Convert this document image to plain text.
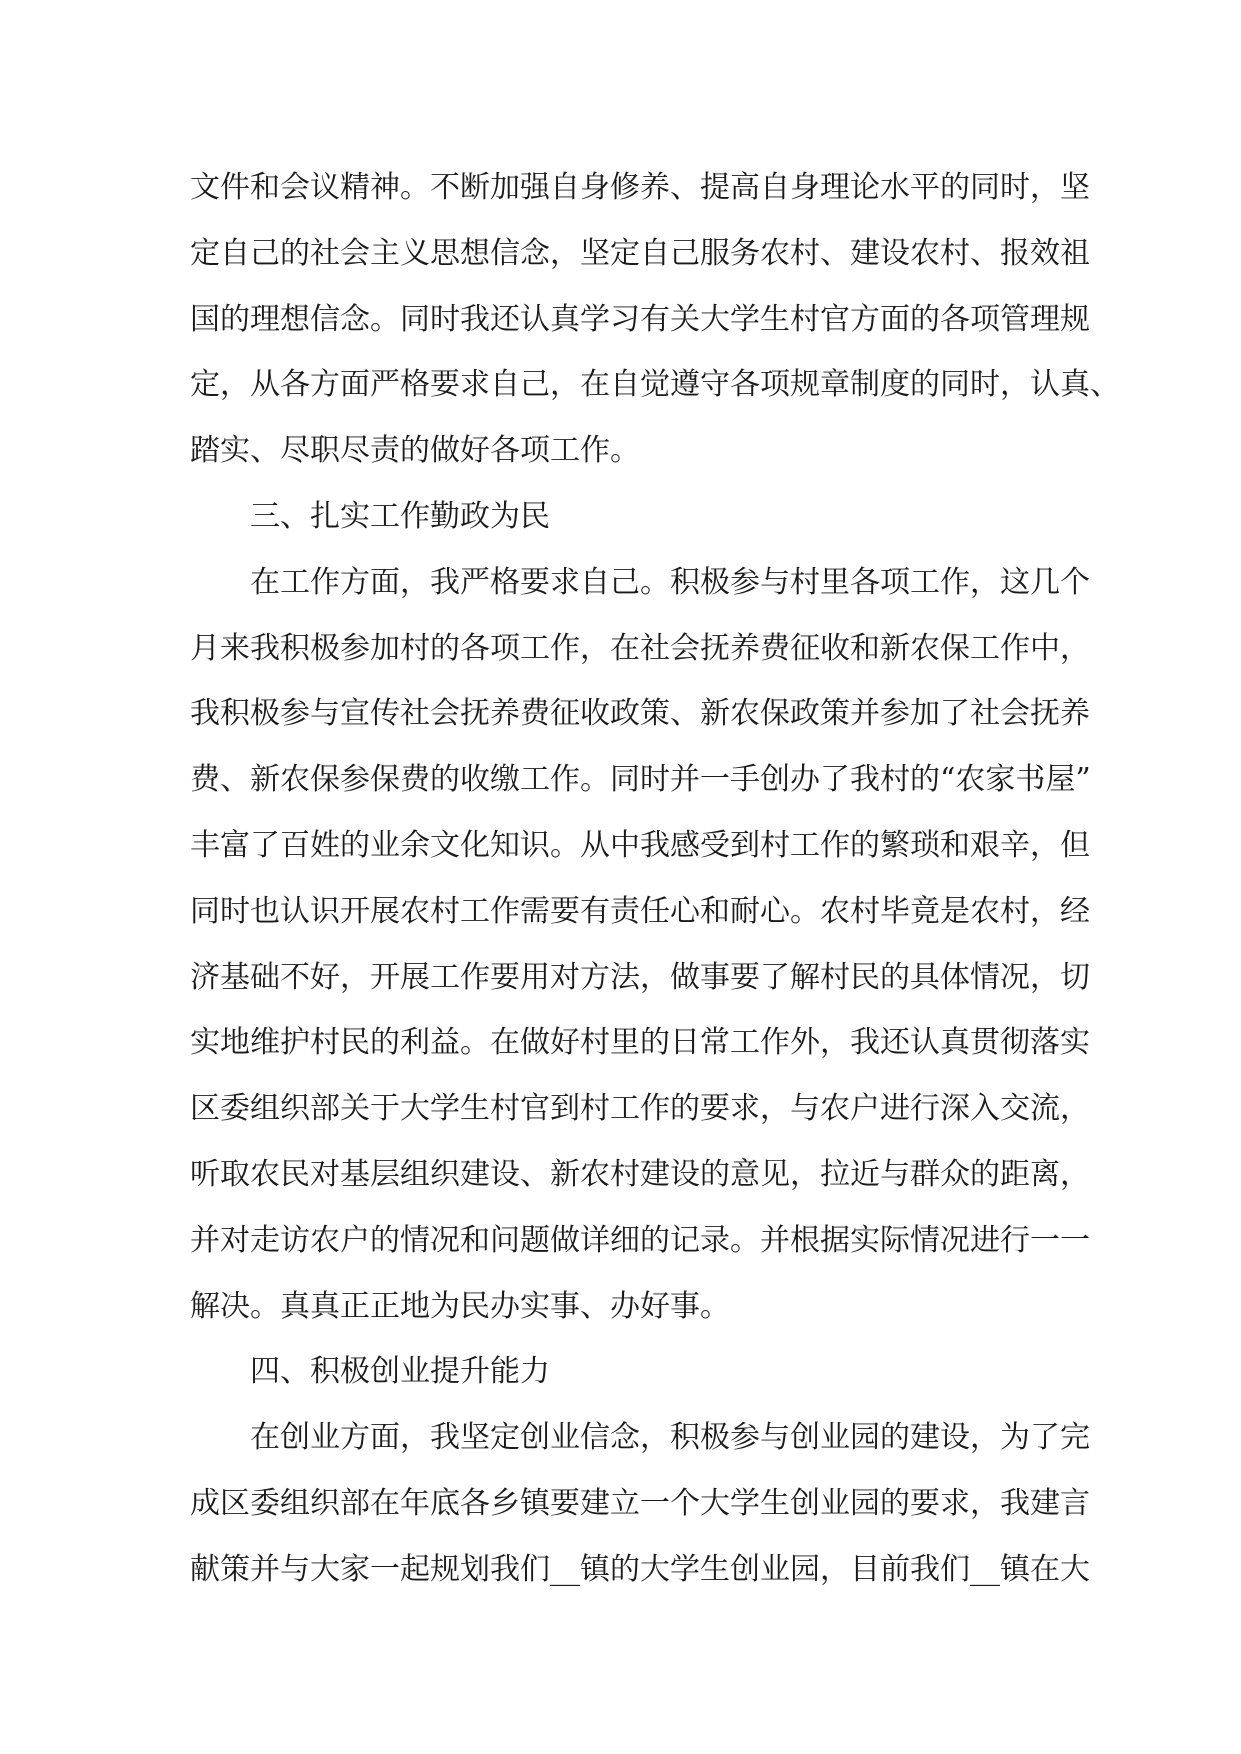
文件和会议精神。不断加强自身修养、提高自身理论水平的同时，坚
定自己的社会主义思想信念，坚定自己服务农村、建设农村、报效祖
国的理想信念。同时我还认真学习有关大学生村官方面的各项管理规
定，从各方面严格要求自己，在自觉遵守各项规章制度的同时，认真、
踏实、尽职尽责的做好各项工作。
三、扎实工作勤政为民
在工作方面，我严格要求自己。积极参与村里各项工作，这几个
月来我积极参加村的各项工作，在社会抚养费征收和新农保工作中，
我积极参与宣传社会抚养费征收政策、新农保政策并参加了社会抚养
费、新农保参保费的收缴工作。同时并一手创办了我村的“农家书屋”
丰富了百姓的业余文化知识。从中我感受到村工作的繁琐和艰辛，但
同时也认识开展农村工作需要有责任心和耐心。农村毕竟是农村，经
济基础不好，开展工作要用对方法，做事要了解村民的具体情况，切
实地维护村民的利益。在做好村里的日常工作外，我还认真贯彻落实
区委组织部关于大学生村官到村工作的要求，与农户进行深入交流，
听取农民对基层组织建设、新农村建设的意见，拉近与群众的距离，
并对走访农户的情况和问题做详细的记录。并根据实际情况进行一一
解决。真真正正地为民办实事、办好事。
四、积极创业提升能力
在创业方面，我坚定创业信念，积极参与创业园的建设，为了完
成区委组织部在年底各乡镇要建立一个大学生创业园的要求，我建言
献策并与大家一起规划我们__镇的大学生创业园，目前我们__镇在大
